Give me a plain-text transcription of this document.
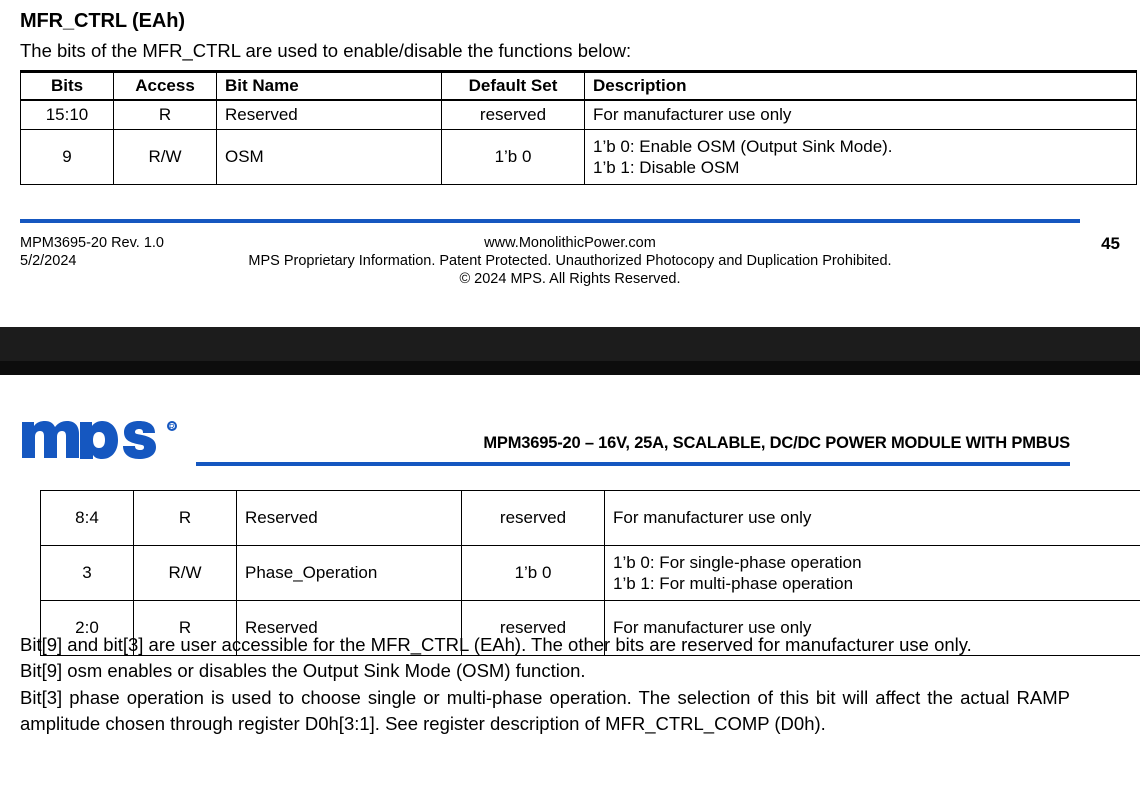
MFR_CTRL (EAh)
The bits of the MFR_CTRL are used to enable/disable the functions below:
Bits	Access	Bit Name	Default Set	Description
15:10	R	Reserved	reserved	For manufacturer use only
9	R/W	OSM	1’b 0	1’b 0: Enable OSM (Output Sink Mode).
1’b 1: Disable OSM
MPM3695-20 Rev. 1.0
5/2/2024
www.MonolithicPower.com
MPS Proprietary Information. Patent Protected. Unauthorized Photocopy and Duplication Prohibited.
© 2024 MPS. All Rights Reserved.
45
R
MPM3695-20 – 16V, 25A, SCALABLE, DC/DC POWER MODULE WITH PMBUS
8:4	R	Reserved	reserved	For manufacturer use only
3	R/W	Phase_Operation	1’b 0	1’b 0: For single-phase operation
1’b 1: For multi-phase operation

2:0	R	Reserved	reserved	For manufacturer use only

Bit[9] and bit[3] are user accessible for the MFR_CTRL (EAh). The other bits are reserved for manufacturer use only.

Bit[9] osm enables or disables the Output Sink Mode (OSM) function.

Bit[3] phase operation is used to choose single or multi-phase operation. The selection of this bit will affect the actual RAMP amplitude chosen through register D0h[3:1]. See register description of MFR_CTRL_COMP (D0h).
